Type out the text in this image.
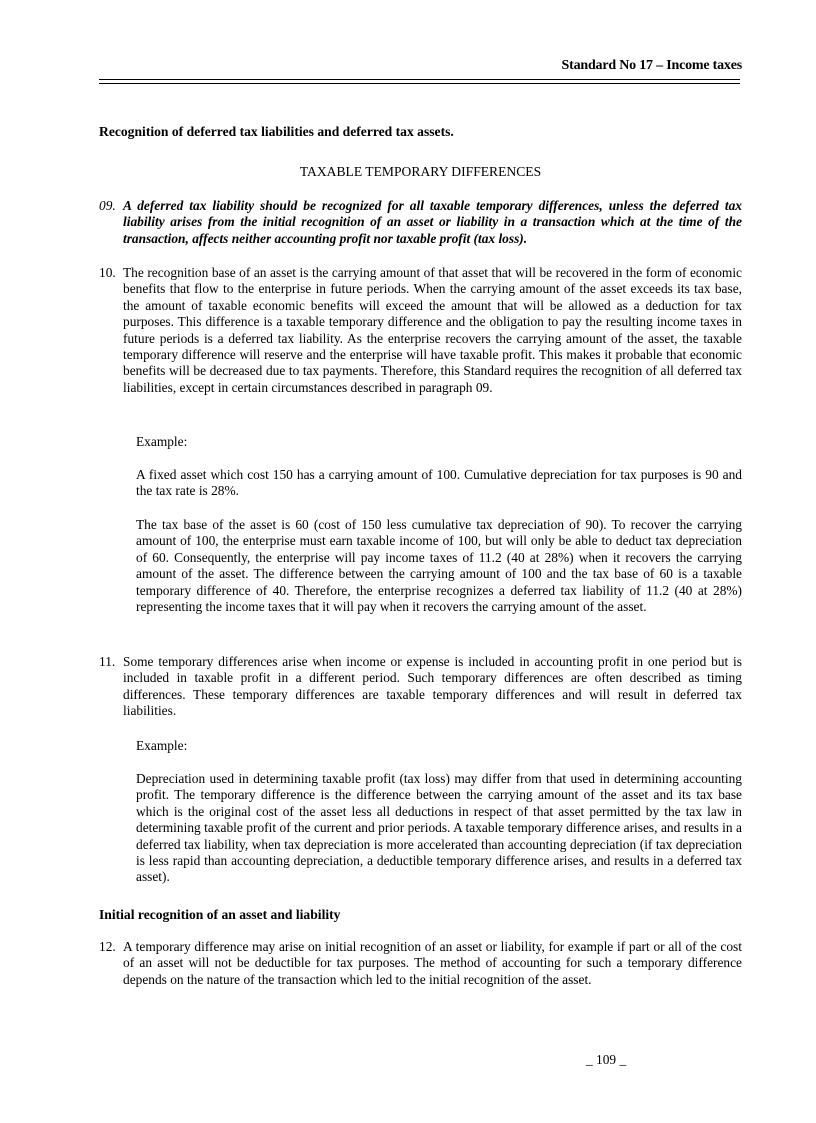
Standard No 17 – Income taxes
Recognition of deferred tax liabilities and deferred tax assets.
TAXABLE TEMPORARY DIFFERENCES
09. A deferred tax liability should be recognized for all taxable temporary differences, unless the deferred tax liability arises from the initial recognition of an asset or liability in a transaction which at the time of the transaction, affects neither accounting profit nor taxable profit (tax loss).
10. The recognition base of an asset is the carrying amount of that asset that will be recovered in the form of economic benefits that flow to the enterprise in future periods. When the carrying amount of the asset exceeds its tax base, the amount of taxable economic benefits will exceed the amount that will be allowed as a deduction for tax purposes. This difference is a taxable temporary difference and the obligation to pay the resulting income taxes in future periods is a deferred tax liability. As the enterprise recovers the carrying amount of the asset, the taxable temporary difference will reserve and the enterprise will have taxable profit. This makes it probable that economic benefits will be decreased due to tax payments. Therefore, this Standard requires the recognition of all deferred tax liabilities, except in certain circumstances described in paragraph 09.
Example:
A fixed asset which cost 150 has a carrying amount of 100. Cumulative depreciation for tax purposes is 90 and the tax rate is 28%.
The tax base of the asset is 60 (cost of 150 less cumulative tax depreciation of 90). To recover the carrying amount of 100, the enterprise must earn taxable income of 100, but will only be able to deduct tax depreciation of 60. Consequently, the enterprise will pay income taxes of 11.2 (40 at 28%) when it recovers the carrying amount of the asset. The difference between the carrying amount of 100 and the tax base of 60 is a taxable temporary difference of 40. Therefore, the enterprise recognizes a deferred tax liability of 11.2 (40 at 28%) representing the income taxes that it will pay when it recovers the carrying amount of the asset.
11. Some temporary differences arise when income or expense is included in accounting profit in one period but is included in taxable profit in a different period. Such temporary differences are often described as timing differences. These temporary differences are taxable temporary differences and will result in deferred tax liabilities.
Example:
Depreciation used in determining taxable profit (tax loss) may differ from that used in determining accounting profit. The temporary difference is the difference between the carrying amount of the asset and its tax base which is the original cost of the asset less all deductions in respect of that asset permitted by the tax law in determining taxable profit of the current and prior periods. A taxable temporary difference arises, and results in a deferred tax liability, when tax depreciation is more accelerated than accounting depreciation (if tax depreciation is less rapid than accounting depreciation, a deductible temporary difference arises, and results in a deferred tax asset).
Initial recognition of an asset and liability
12. A temporary difference may arise on initial recognition of an asset or liability, for example if part or all of the cost of an asset will not be deductible for tax purposes. The method of accounting for such a temporary difference depends on the nature of the transaction which led to the initial recognition of the asset.
_ 109 _
